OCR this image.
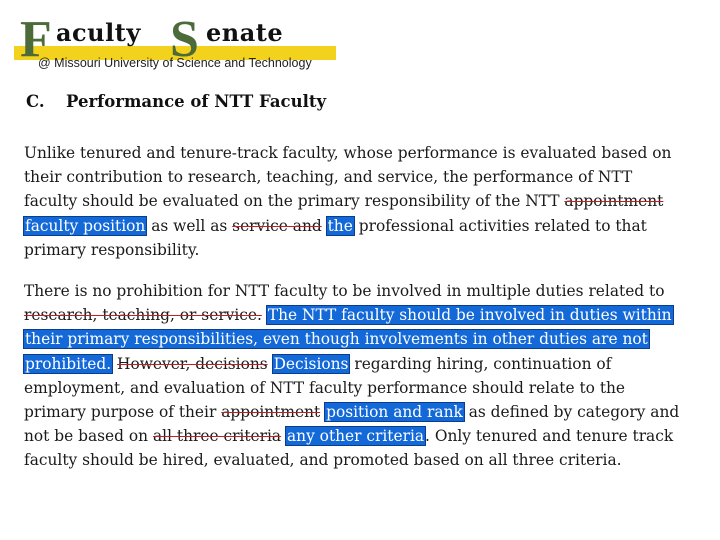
F aculty S enate
@ Missouri University of Science and Technology
C. Performance of NTT Faculty
Unlike tenured and tenure-track faculty, whose performance is evaluated based on
their contribution to research, teaching, and service, the performance of NTT
faculty should be evaluated on the primary responsibility of the NTT appointment
faculty position as well as service and the professional activities related to that
primary responsibility.
There is no prohibition for NTT faculty to be involved in multiple duties related to
research, teaching, or service. The NTT faculty should be involved in duties within
their primary responsibilities, even though involvements in other duties are not
prohibited. However, decisions Decisions regarding hiring, continuation of
employment, and evaluation of NTT faculty performance should relate to the
primary purpose of their appointment position and rank as defined by category and
not be based on all three criteria any other criteria. Only tenured and tenure track
faculty should be hired, evaluated, and promoted based on all three criteria.
